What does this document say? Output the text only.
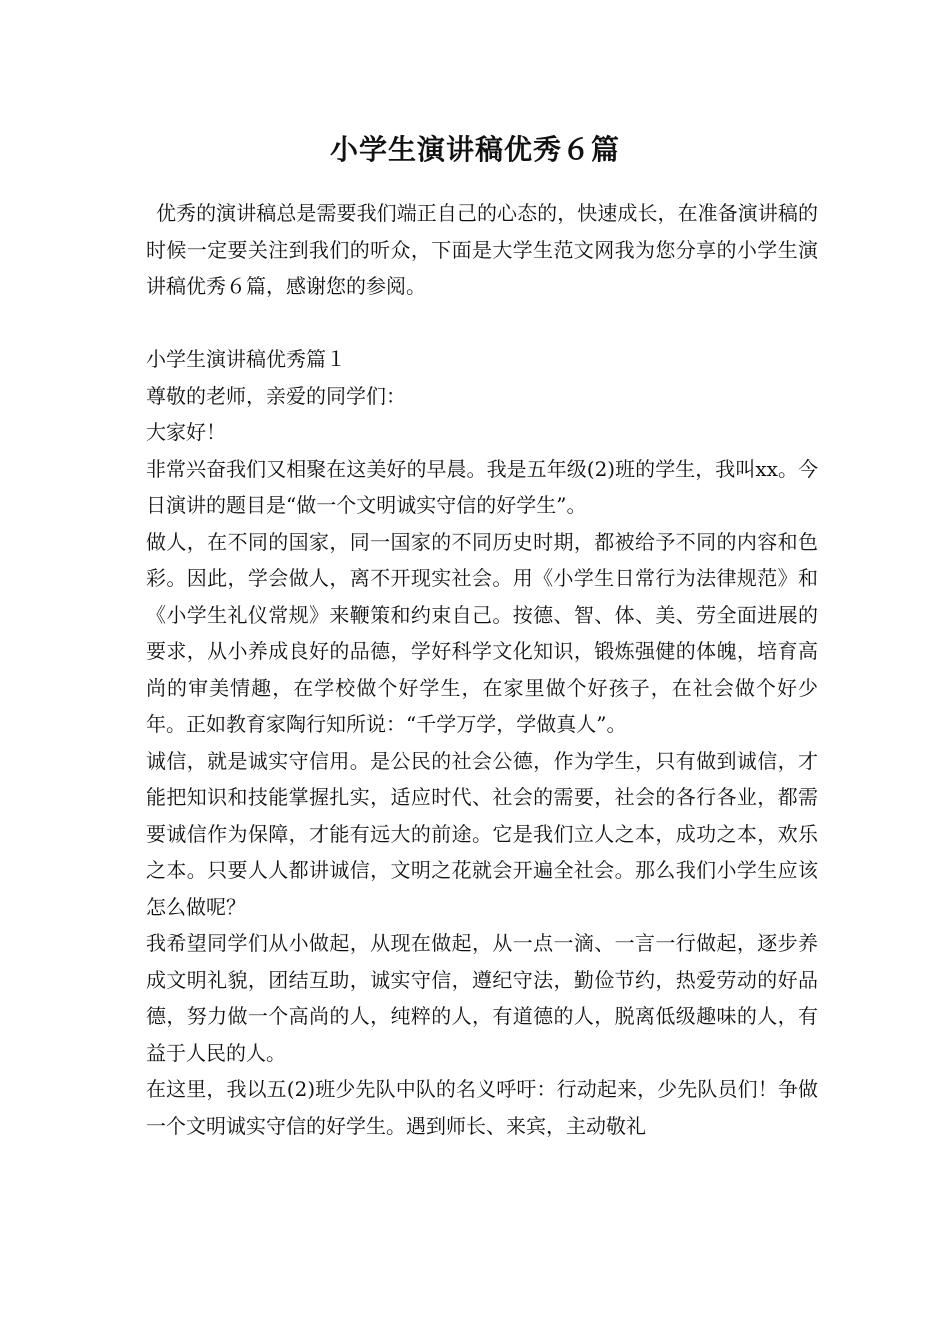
小学生演讲稿优秀６篇

优秀的演讲稿总是需要我们端正自己的心态的，快速成长，在准备演讲稿的时候一定要关注到我们的听众，下面是大学生范文网我为您分享的小学生演讲稿优秀６篇，感谢您的参阅。

小学生演讲稿优秀篇１

尊敬的老师，亲爱的同学们：

大家好！

非常兴奋我们又相聚在这美好的早晨。我是五年级(2)班的学生，我叫xx。今日演讲的题目是“做一个文明诚实守信的好学生”。

做人，在不同的国家，同一国家的不同历史时期，都被给予不同的内容和色彩。因此，学会做人，离不开现实社会。用《小学生日常行为法律规范》和《小学生礼仪常规》来鞭策和约束自己。按德、智、体、美、劳全面进展的要求，从小养成良好的品德，学好科学文化知识，锻炼强健的体魄，培育高尚的审美情趣，在学校做个好学生，在家里做个好孩子，在社会做个好少年。正如教育家陶行知所说：“千学万学，学做真人”。

诚信，就是诚实守信用。是公民的社会公德，作为学生，只有做到诚信，才能把知识和技能掌握扎实，适应时代、社会的需要，社会的各行各业，都需要诚信作为保障，才能有远大的前途。它是我们立人之本，成功之本，欢乐之本。只要人人都讲诚信，文明之花就会开遍全社会。那么我们小学生应该怎么做呢？

我希望同学们从小做起，从现在做起，从一点一滴、一言一行做起，逐步养成文明礼貌，团结互助，诚实守信，遵纪守法，勤俭节约，热爱劳动的好品德，努力做一个高尚的人，纯粹的人，有道德的人，脱离低级趣味的人，有益于人民的人。

在这里，我以五(2)班少先队中队的名义呼吁：行动起来，少先队员们！争做一个文明诚实守信的好学生。遇到师长、来宾，主动敬礼
